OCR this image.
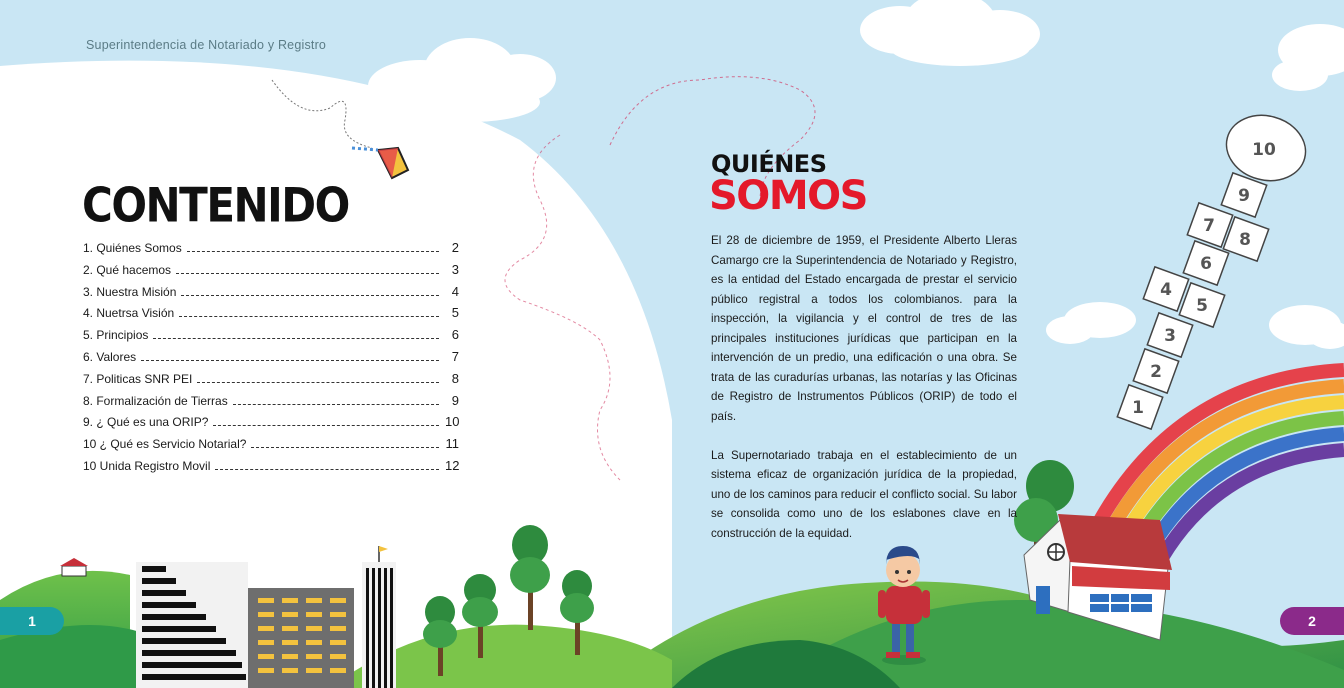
10
9
7
8
6
4
5
3
2
1
Superintendencia de Notariado y Registro
CONTENIDO
1. Quiénes Somos	2
2. Qué hacemos	3
3. Nuestra Misión	4
4. Nuetrsa Visión	5
5. Principios	6
6. Valores	7
7. Politicas SNR PEI	8
8. Formalización de Tierras	9
9. ¿ Qué es una ORIP?	10
10 ¿ Qué es Servicio Notarial?	11
10 Unida Registro Movil	12
1
QUIÉNES
SOMOS

El 28 de diciembre de 1959, el Presidente Alberto Lleras Camargo cre la Superintendencia de Notariado y Registro, es la entidad del Estado encargada de prestar el servicio público registral a todos los colombianos. para la inspección, la vigilancia y el control de tres de las principales instituciones jurídicas que participan en la intervención de un predio, una edificación o una obra. Se trata de las curadurías urbanas, las notarías y las Oficinas de Registro de Instrumentos Públicos (ORIP) de todo el país.

La Supernotariado trabaja en el establecimiento de un sistema eficaz de organización jurídica de la propiedad, uno de los caminos para reducir el conflicto social. Su labor se consolida como uno de los eslabones clave en la construcción de la equidad.

2
